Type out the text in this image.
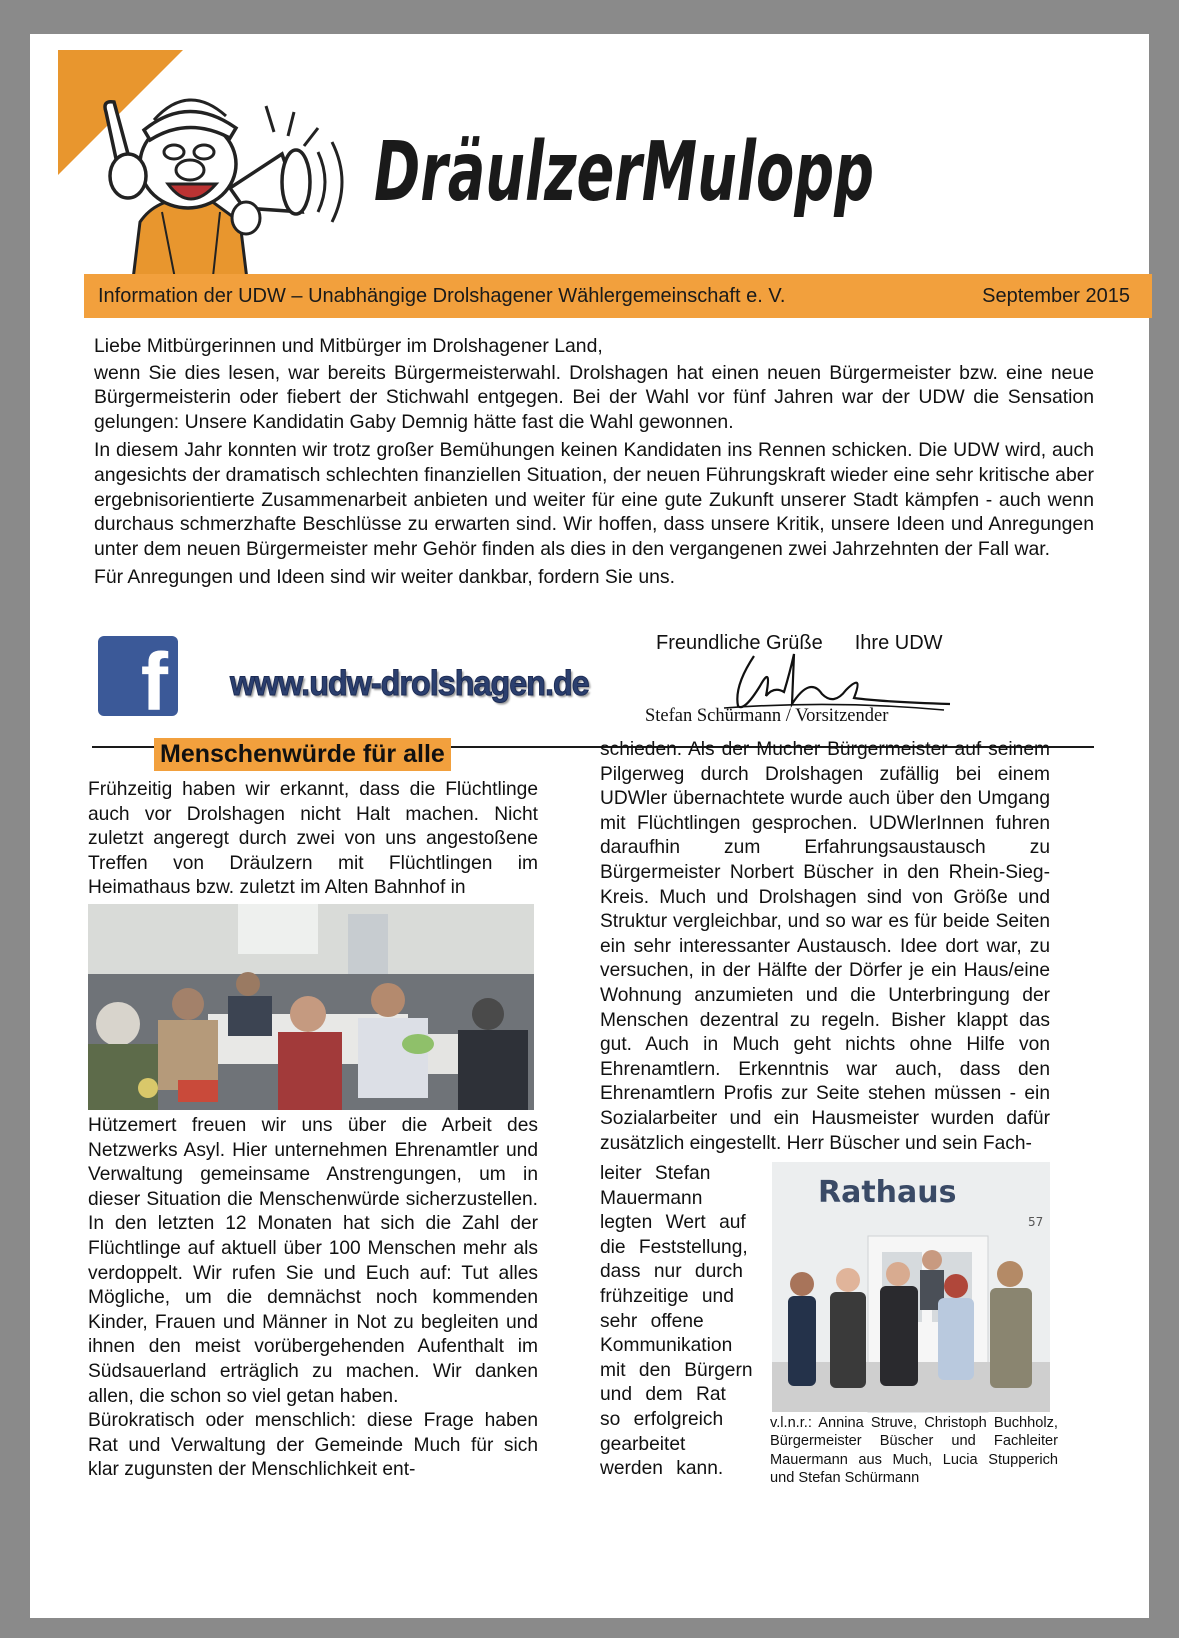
DräulzerMulopp
Information der UDW – Unabhängige Drolshagener Wählergemeinschaft e. V.	September 2015

Liebe Mitbürgerinnen und Mitbürger im Drolshagener Land,

wenn Sie dies lesen, war bereits Bürgermeisterwahl. Drolshagen hat einen neuen Bürgermeister bzw. eine neue Bürgermeisterin oder fiebert der Stichwahl entgegen. Bei der Wahl vor fünf Jahren war der UDW die Sensation gelungen: Unsere Kandidatin Gaby Demnig hätte fast die Wahl gewonnen.

In diesem Jahr konnten wir trotz großer Bemühungen keinen Kandidaten ins Rennen schicken. Die UDW wird, auch angesichts der dramatisch schlechten finanziellen Situation, der neuen Führungskraft wieder eine sehr kritische aber ergebnisorientierte Zusammenarbeit anbieten und weiter für eine gute Zukunft unserer Stadt kämpfen - auch wenn durchaus schmerzhafte Beschlüsse zu erwarten sind. Wir hoffen, dass unsere Kritik, unsere Ideen und Anregungen unter dem neuen Bürgermeister mehr Gehör finden als dies in den vergangenen zwei Jahrzehnten der Fall war.

Für Anregungen und Ideen sind wir weiter dankbar, fordern Sie uns.

f www.udw-drolshagen.de
Freundliche Grüße Ihre UDW
Stefan Schürmann / Vorsitzender
Menschenwürde für alle
Frühzeitig haben wir erkannt, dass die Flüchtlinge auch vor Drolshagen nicht Halt machen. Nicht zuletzt angeregt durch zwei von uns angestoßene Treffen von Dräulzern mit Flüchtlingen im Heimathaus bzw. zuletzt im Alten Bahnhof in
Hützemert freuen wir uns über die Arbeit des Netzwerks Asyl. Hier unternehmen Ehrenamtler und Verwaltung gemeinsame Anstrengungen, um in dieser Situation die Menschenwürde sicherzustellen. In den letzten 12 Monaten hat sich die Zahl der Flüchtlinge auf aktuell über 100 Menschen mehr als verdoppelt. Wir rufen Sie und Euch auf: Tut alles Mögliche, um die demnächst noch kommenden Kinder, Frauen und Männer in Not zu begleiten und ihnen den meist vorübergehenden Aufenthalt im Südsauerland erträglich zu machen. Wir danken allen, die schon so viel getan haben.
Bürokratisch oder menschlich: diese Frage haben Rat und Verwaltung der Gemeinde Much für sich klar zugunsten der Menschlichkeit ent-
schieden. Als der Mucher Bürgermeister auf seinem Pilgerweg durch Drolshagen zufällig bei einem UDWler übernachtete wurde auch über den Umgang mit Flüchtlingen gesprochen. UDWlerInnen fuhren daraufhin zum Erfahrungsaustausch zu Bürgermeister Norbert Büscher in den Rhein-Sieg-Kreis. Much und Drolshagen sind von Größe und Struktur vergleichbar, und so war es für beide Seiten ein sehr interessanter Austausch. Idee dort war, zu versuchen, in der Hälfte der Dörfer je ein Haus/eine Wohnung anzumieten und die Unterbringung der Menschen dezentral zu regeln. Bisher klappt das gut. Auch in Much geht nichts ohne Hilfe von Ehrenamtlern. Erkenntnis war auch, dass den Ehrenamtlern Profis zur Seite stehen müssen - ein Sozialarbeiter und ein Hausmeister wurden dafür zusätzlich eingestellt. Herr Büscher und sein Fach-
leiter Stefan Mauermann legten Wert auf die Feststellung, dass nur durch frühzeitige und sehr offene Kommunikation mit den Bürgern und dem Rat so erfolgreich gearbeitet werden kann.
Rathaus
57
v.l.n.r.: Annina Struve, Christoph Buchholz, Bürgermeister Büscher und Fachleiter Mauermann aus Much, Lucia Stupperich und Stefan Schürmann
